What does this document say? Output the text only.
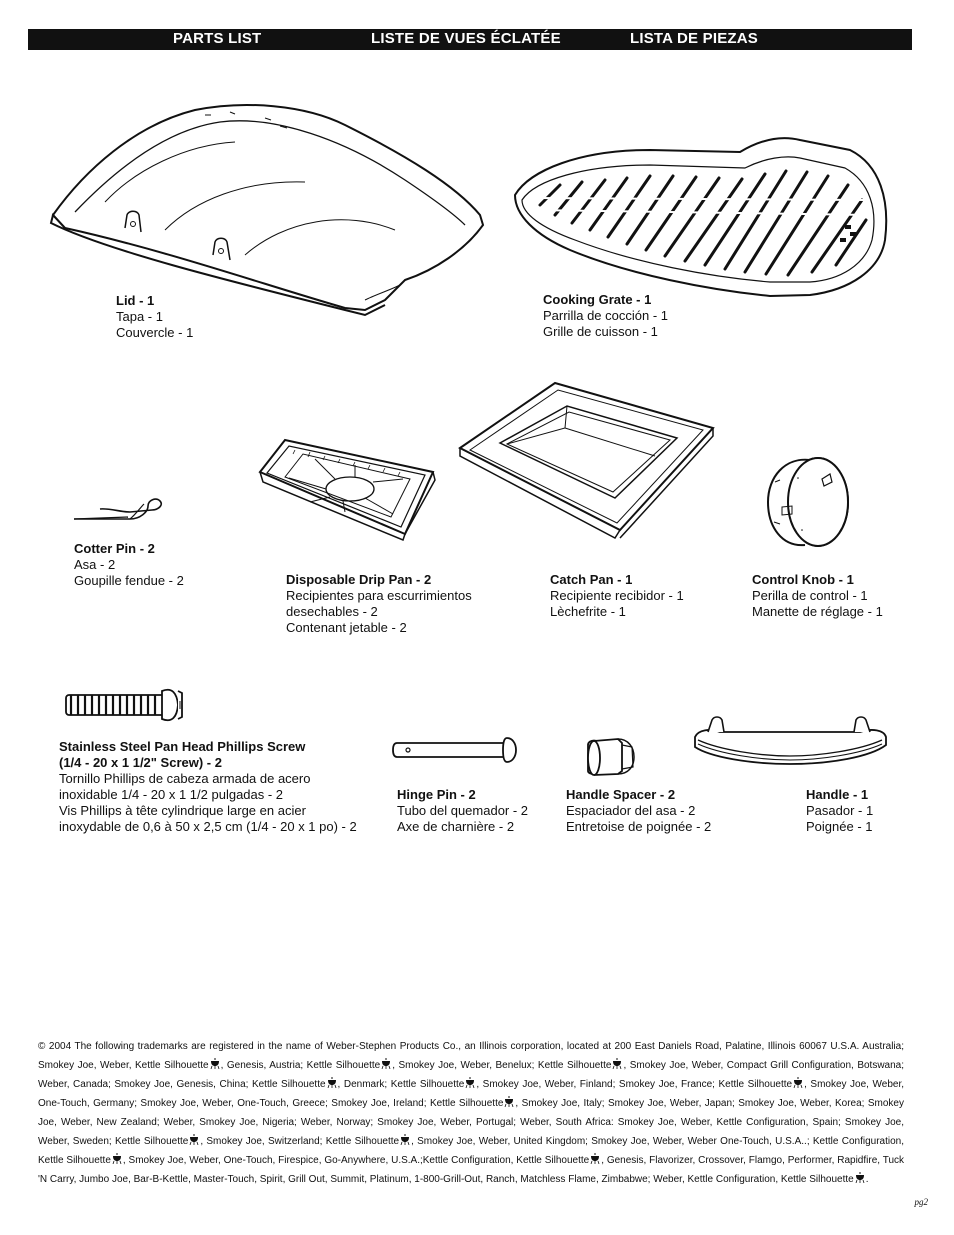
PARTS LIST	LISTE DE VUES ÉCLATÉE	LISTA DE PIEZAS
Lid - 1
Tapa - 1
Couvercle - 1
Cooking Grate - 1
Parrilla de cocción - 1
Grille de cuisson - 1
Cotter Pin - 2
Asa - 2
Goupille fendue - 2	Disposable Drip Pan - 2
Recipientes para escurrimientos
desechables - 2
Contenant jetable - 2
Catch Pan - 1
Recipiente recibidor - 1
Lèchefrite - 1
Control Knob - 1
Perilla de control - 1
Manette de réglage - 1
Stainless Steel Pan Head Phillips Screw
(1/4 - 20 x 1 1/2" Screw) - 2
Tornillo Phillips de cabeza armada de acero
inoxidable 1/4 - 20 x 1 1/2 pulgadas - 2
Vis Phillips à tête cylindrique large en acier
inoxydable de 0,6 à 50 x 2,5 cm (1/4 - 20 x 1 po) - 2
Hinge Pin - 2
Tubo del quemador - 2
Axe de charnière - 2
Handle Spacer - 2
Espaciador del asa - 2
Entretoise de poignée - 2
Handle - 1
Pasador - 1
Poignée - 1
© 2004 The following trademarks are registered in the name of Weber-Stephen Products Co., an Illinois corporation, located at 200 East Daniels Road, Palatine, Illinois 60067 U.S.A. Australia; Smokey Joe, Weber, Kettle Silhouette , Genesis, Austria; Kettle Silhouette , Smokey Joe, Weber, Benelux; Kettle Silhouette , Smokey Joe, Weber, Compact Grill Configuration, Botswana; Weber, Canada; Smokey Joe, Genesis, China; Kettle Silhouette , Denmark; Kettle Silhouette , Smokey Joe, Weber, Finland; Smokey Joe, France; Kettle Silhouette , Smokey Joe, Weber, One-Touch, Germany; Smokey Joe, Weber, One-Touch, Greece; Smokey Joe, Ireland; Kettle Silhouette , Smokey Joe, Italy; Smokey Joe, Weber, Japan; Smokey Joe, Weber, Korea; Smokey Joe, Weber, New Zealand; Weber, Smokey Joe, Nigeria; Weber, Norway; Smokey Joe, Weber, Portugal; Weber, South Africa: Smokey Joe, Weber, Kettle Configuration, Spain; Smokey Joe, Weber, Sweden; Kettle Silhouette , Smokey Joe, Switzerland; Kettle Silhouette , Smokey Joe, Weber, United Kingdom; Smokey Joe, Weber, Weber One-Touch, U.S.A..; Kettle Configuration, Kettle Silhouette , Smokey Joe, Weber, One-Touch, Firespice, Go-Anywhere, U.S.A.;Kettle Configuration, Kettle Silhouette , Genesis, Flavorizer, Crossover, Flamgo, Performer, Rapidfire, Tuck 'N Carry, Jumbo Joe, Bar-B-Kettle, Master-Touch, Spirit, Grill Out, Summit, Platinum, 1-800-Grill-Out, Ranch, Matchless Flame, Zimbabwe; Weber, Kettle Configuration, Kettle Silhouette .
pg2
